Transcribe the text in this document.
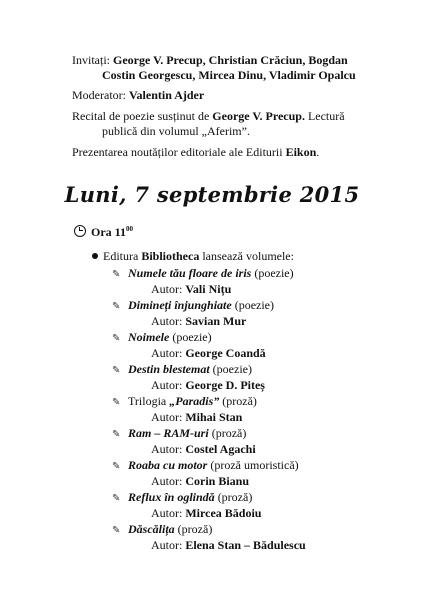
Invitați: George V. Precup, Christian Crăciun, Bogdan
Costin Georgescu, Mircea Dinu, Vladimir Opalcu
Moderator: Valentin Ajder
Recital de poezie susținut de George V. Precup. Lectură
publică din volumul „Aferim”.
Prezentarea noutăților editoriale ale Editurii Eikon.
Luni, 7 septembrie 2015
Ora $11^{00}$
Editura Bibliotheca lansează volumele:
✎ Numele tău floare de iris (poezie)
Autor: Vali Nițu
✎ Dimineți înjunghiate (poezie)
Autor: Savian Mur
✎ Noimele (poezie)
Autor: George Coandă
✎ Destin blestemat (poezie)
Autor: George D. Piteș
✎ Trilogia „Paradis” (proză)
Autor: Mihai Stan
✎ Ram – RAM-uri (proză)
Autor: Costel Agachi
✎ Roaba cu motor (proză umoristică)
Autor: Corin Bianu
✎ Reflux în oglindă (proză)
Autor: Mircea Bădoiu
✎ Dăscălița (proză)
Autor: Elena Stan – Bădulescu
